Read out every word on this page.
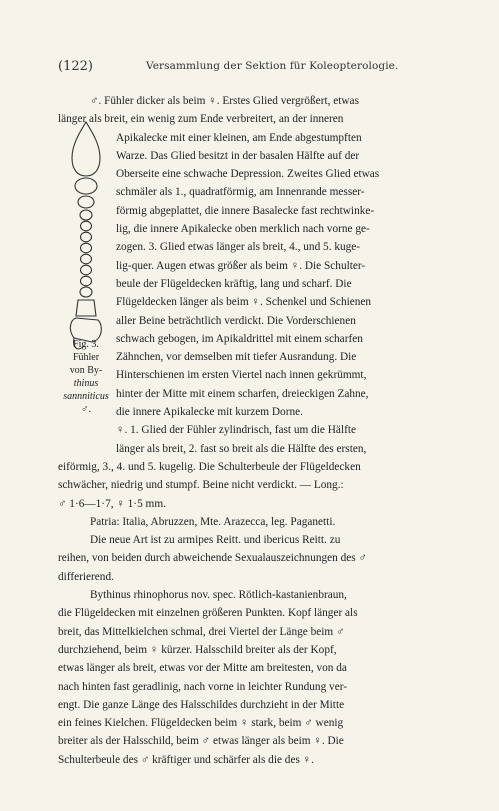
(122)	Versammlung der Sektion für Koleopterologie.
Fig. 3.
Fühler
von By-
thinus
sannniticus
♂.
♂. Fühler dicker als beim ♀. Erstes Glied vergrößert, etwas
länger als breit, ein wenig zum Ende verbreitert, an der inneren
Apikalecke mit einer kleinen, am Ende abgestumpften
Warze. Das Glied besitzt in der basalen Hälfte auf der
Oberseite eine schwache Depression. Zweites Glied etwas
schmäler als 1., quadratförmig, am Innenrande messer-
förmig abgeplattet, die innere Basalecke fast rechtwinke-
lig, die innere Apikalecke oben merklich nach vorne ge-
zogen. 3. Glied etwas länger als breit, 4., und 5. kuge-
lig-quer. Augen etwas größer als beim ♀. Die Schulter-
beule der Flügeldecken kräftig, lang und scharf. Die
Flügeldecken länger als beim ♀. Schenkel und Schienen
aller Beine beträchtlich verdickt. Die Vorderschienen
schwach gebogen, im Apikaldrittel mit einem scharfen
Zähnchen, vor demselben mit tiefer Ausrandung. Die
Hinterschienen im ersten Viertel nach innen gekrümmt,
hinter der Mitte mit einem scharfen, dreieckigen Zahne,
die innere Apikalecke mit kurzem Dorne.
♀. 1. Glied der Fühler zylindrisch, fast um die Hälfte
länger als breit, 2. fast so breit als die Hälfte des ersten,
eiförmig, 3., 4. und 5. kugelig. Die Schulterbeule der Flügeldecken
schwächer, niedrig und stumpf. Beine nicht verdickt. — Long.:
♂ 1·6—1·7, ♀ 1·5 mm.
Patria: Italia, Abruzzen, Mte. Arazecca, leg. Paganetti.
Die neue Art ist zu armipes Reitt. und ibericus Reitt. zu
reihen, von beiden durch abweichende Sexualauszeichnungen des ♂
differierend.
Bythinus rhinophorus nov. spec. Rötlich-kastanienbraun,
die Flügeldecken mit einzelnen größeren Punkten. Kopf länger als
breit, das Mittelkielchen schmal, drei Viertel der Länge beim ♂
durchziehend, beim ♀ kürzer. Halsschild breiter als der Kopf,
etwas länger als breit, etwas vor der Mitte am breitesten, von da
nach hinten fast geradlinig, nach vorne in leichter Rundung ver-
engt. Die ganze Länge des Halsschildes durchzieht in der Mitte
ein feines Kielchen. Flügeldecken beim ♀ stark, beim ♂ wenig
breiter als der Halsschild, beim ♂ etwas länger als beim ♀. Die
Schulterbeule des ♂ kräftiger und schärfer als die des ♀.
